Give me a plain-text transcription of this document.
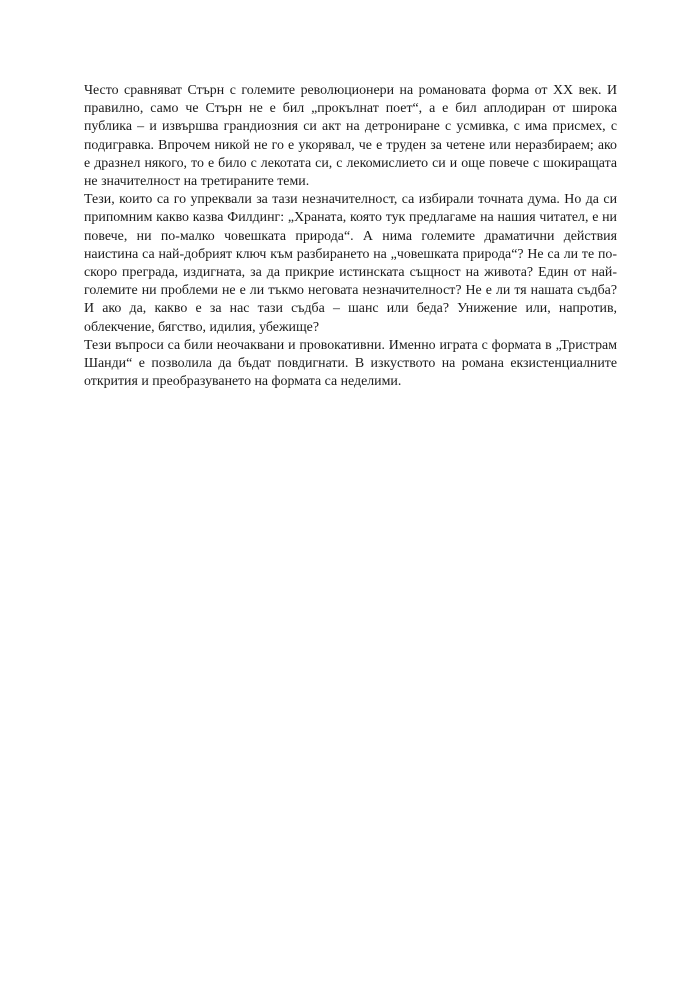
Често сравняват Стърн с големите революционери на романовата форма от ХХ век. И правилно, само че Стърн не е бил „прокълнат поет“, а е бил аплодиран от широка публика – и извършва грандиозния си акт на детрониране с усмивка, с има присмех, с подигравка. Впрочем никой не го е укорявал, че е труден за четене или неразбираем; ако е дразнел някого, то е било с лекотата си, с лекомислието си и още повече с шокиращата не значителност на третираните теми.

Тези, които са го упреквали за тази незначителност, са избирали точната дума. Но да си припомним какво казва Филдинг: „Храната, която тук предлагаме на нашия читател, е ни повече, ни по-малко човешката природа“. А нима големите драматични действия наистина са най-добрият ключ към разбирането на „човешката природа“? Не са ли те по-скоро преграда, издигната, за да прикрие истинската същност на живота? Един от най-големите ни проблеми не е ли тъкмо неговата незначителност? Не е ли тя нашата съдба? И ако да, какво е за нас тази съдба – шанс или беда? Унижение или, напротив, облекчение, бягство, идилия, убежище?

Тези въпроси са били неочаквани и провокативни. Именно играта с формата в „Тристрам Шанди“ е позволила да бъдат повдигнати. В изкуството на романа екзистенциалните открития и преобразуването на формата са неделими.
